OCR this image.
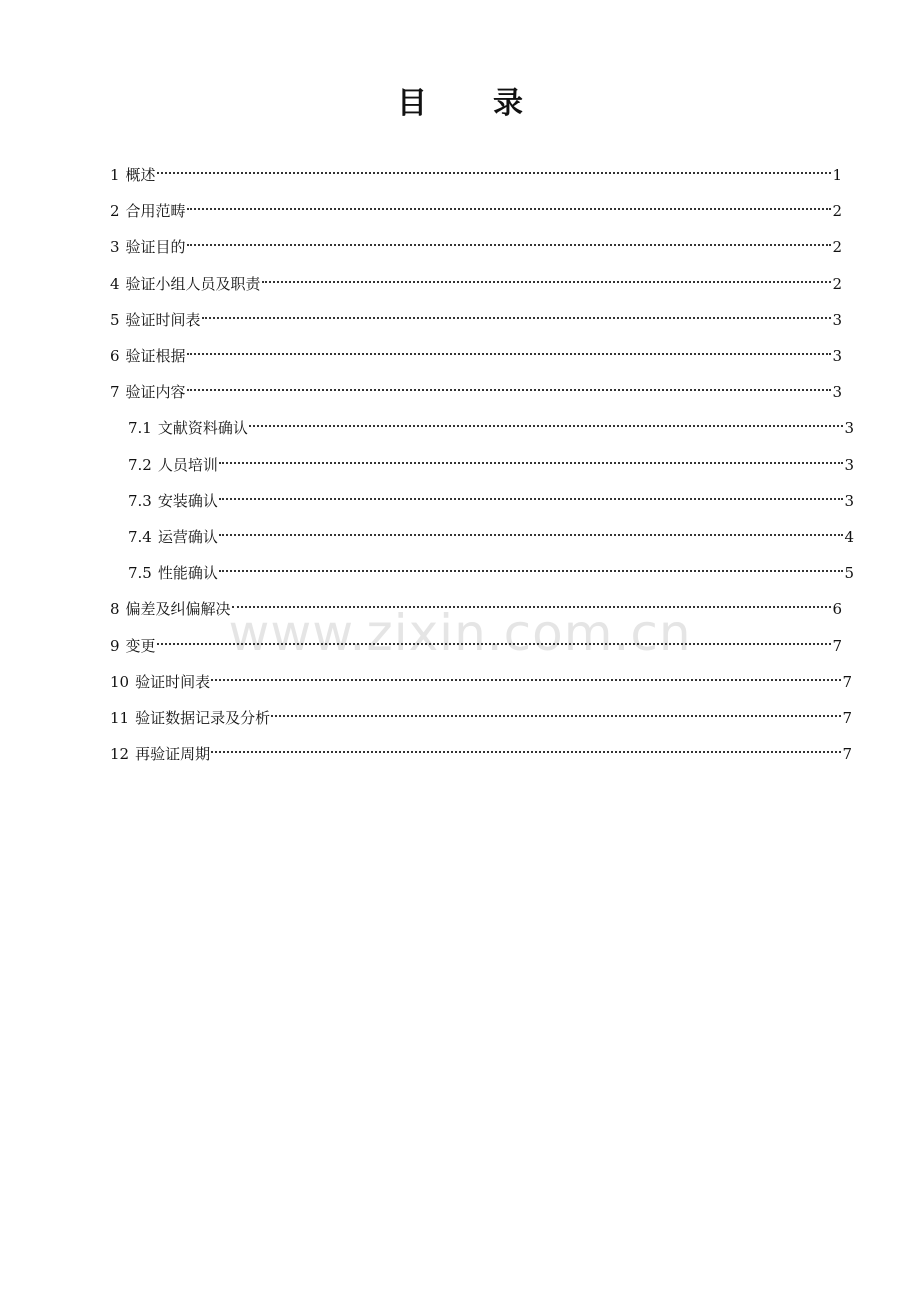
目 录
www.zixin.com.cn
1 概述	1
2 合用范畴	2
3 验证目的	2
4 验证小组人员及职责	2
5 验证时间表	3
6 验证根据	3
7 验证内容	3
7.1 文献资料确认	3
7.2 人员培训	3
7.3 安装确认	3
7.4 运营确认	4
7.5 性能确认	5
8 偏差及纠偏解决	6
9 变更	7
10 验证时间表	7
11 验证数据记录及分析	7
12 再验证周期	7
